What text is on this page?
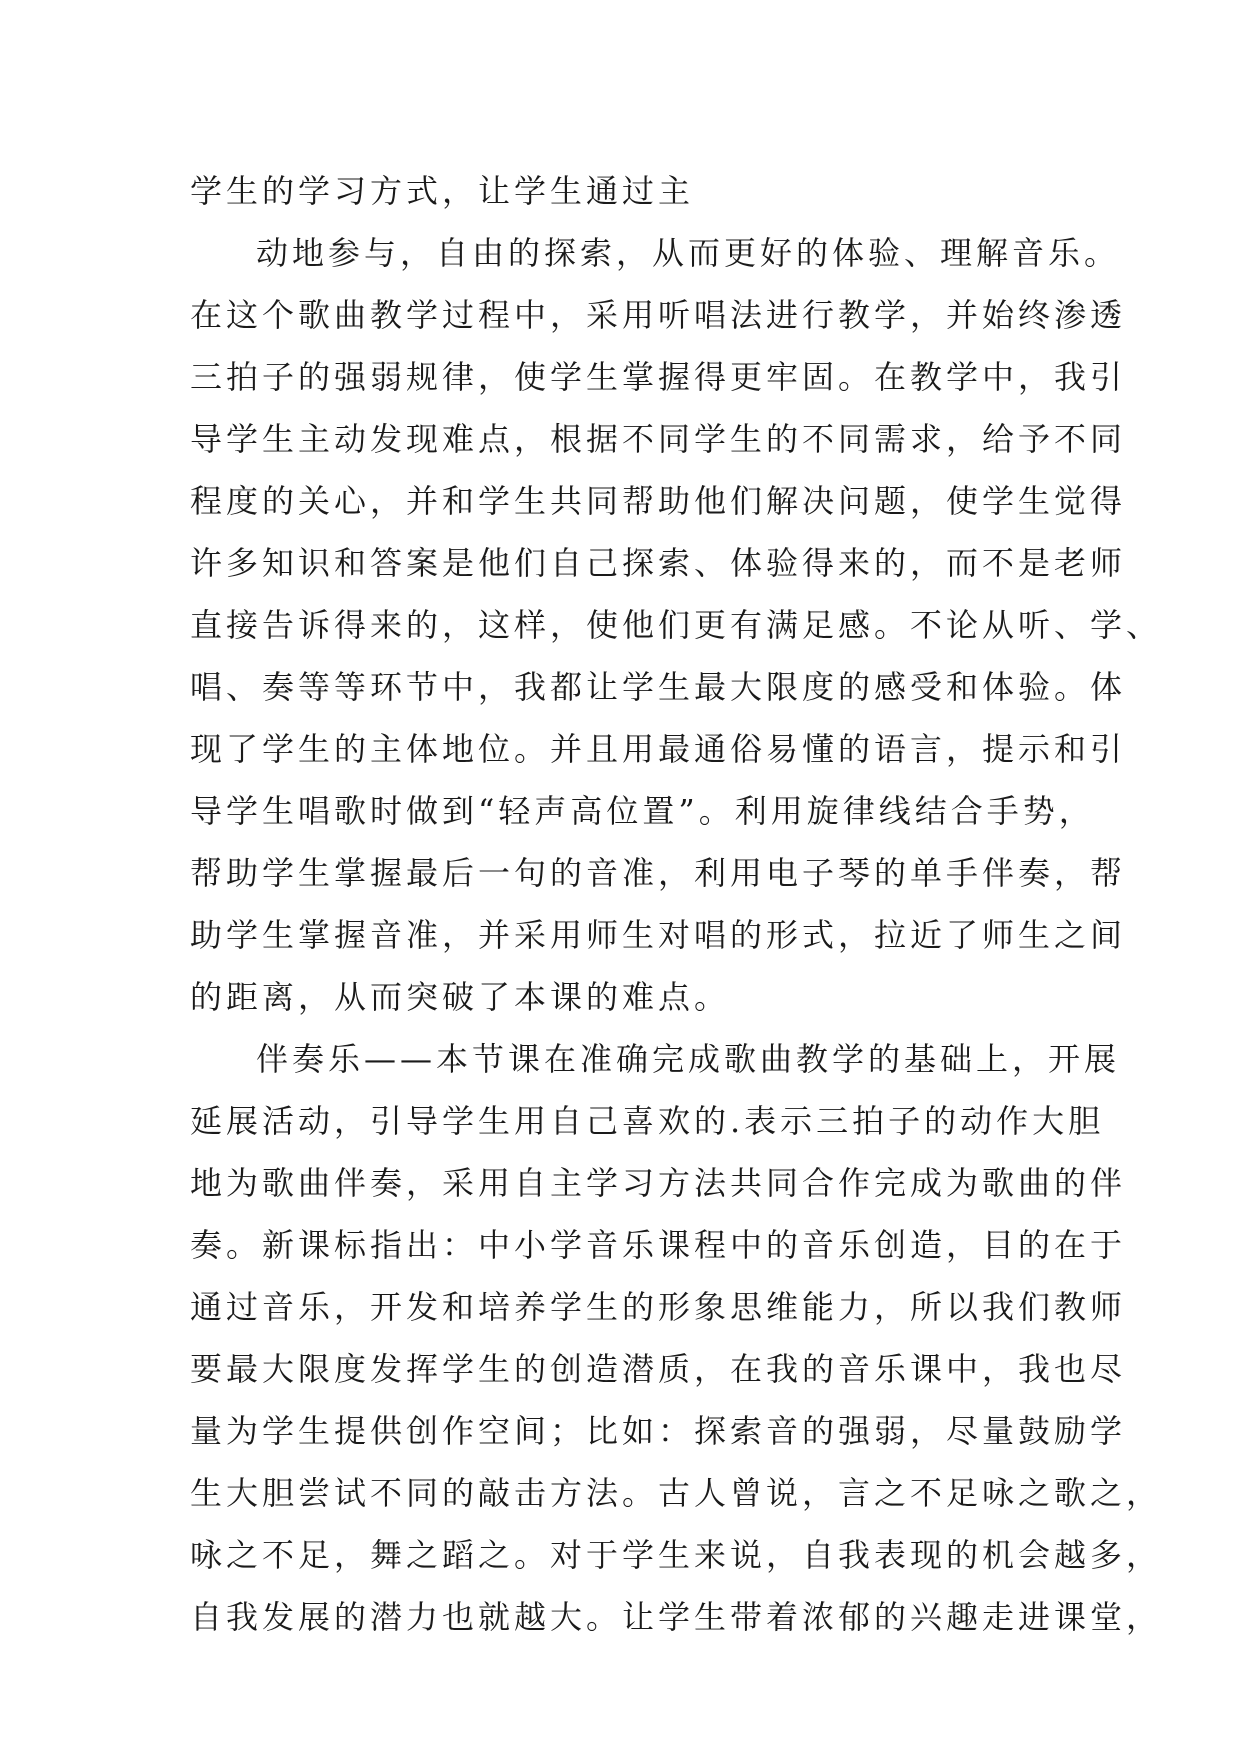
学生的学习方式，让学生通过主
动地参与，自由的探索，从而更好的体验、理解音乐。
在这个歌曲教学过程中，采用听唱法进行教学，并始终渗透
三拍子的强弱规律，使学生掌握得更牢固。在教学中，我引
导学生主动发现难点，根据不同学生的不同需求，给予不同
程度的关心，并和学生共同帮助他们解决问题，使学生觉得
许多知识和答案是他们自己探索、体验得来的，而不是老师
直接告诉得来的，这样，使他们更有满足感。不论从听、学、
唱、奏等等环节中，我都让学生最大限度的感受和体验。体
现了学生的主体地位。并且用最通俗易懂的语言，提示和引
导学生唱歌时做到“轻声高位置”。利用旋律线结合手势，
帮助学生掌握最后一句的音准，利用电子琴的单手伴奏，帮
助学生掌握音准，并采用师生对唱的形式，拉近了师生之间
的距离，从而突破了本课的难点。
伴奏乐——本节课在准确完成歌曲教学的基础上，开展
延展活动，引导学生用自己喜欢的.表示三拍子的动作大胆
地为歌曲伴奏，采用自主学习方法共同合作完成为歌曲的伴
奏。新课标指出：中小学音乐课程中的音乐创造，目的在于
通过音乐，开发和培养学生的形象思维能力，所以我们教师
要最大限度发挥学生的创造潜质，在我的音乐课中，我也尽
量为学生提供创作空间；比如：探索音的强弱，尽量鼓励学
生大胆尝试不同的敲击方法。古人曾说，言之不足咏之歌之，
咏之不足，舞之蹈之。对于学生来说，自我表现的机会越多，
自我发展的潜力也就越大。让学生带着浓郁的兴趣走进课堂，
